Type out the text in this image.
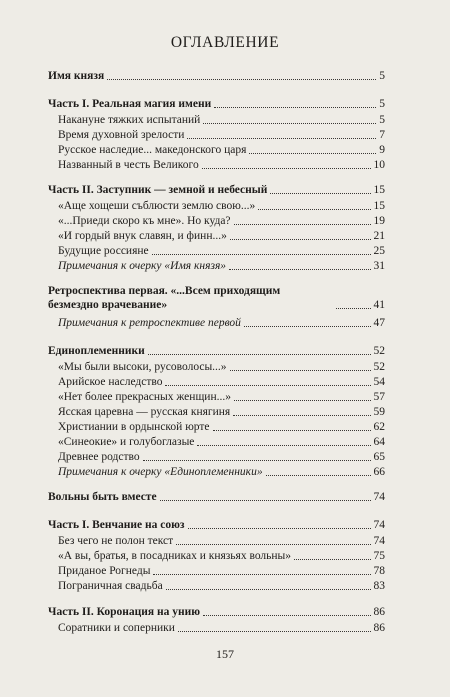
ОГЛАВЛЕНИЕ
Имя князя	5
Часть I. Реальная магия имени	5
Накануне тяжких испытаний	5
Время духовной зрелости	7
Русское наследие... македонского царя	9
Названный в честь Великого	10
Часть II. Заступник — земной и небесный	15
«Аще хощеши съблюсти землю свою...»	15
«...Приеди скоро къ мне». Но куда?	19
«И гордый внук славян, и финн...»	21
Будущие россияне	25
Примечания к очерку «Имя князя»	31
Ретроспектива первая. «...Всем приходящим безмездно врачевание»	41
Примечания к ретроспективе первой	47
Единоплеменники	52
«Мы были высоки, русоволосы...»	52
Арийское наследство	54
«Нет более прекрасных женщин...»	57
Ясская царевна — русская княгиня	59
Христиании в ордынской юрте	62
«Синеокие» и голубоглазые	64
Древнее родство	65
Примечания к очерку «Единоплеменники»	66
Вольны быть вместе	74
Часть I. Венчание на союз	74
Без чего не полон текст	74
«А вы, братья, в посадниках и князьях вольны»	75
Приданое Рогнеды	78
Пограничная свадьба	83
Часть II. Коронация на унию	86
Соратники и соперники	86
157
